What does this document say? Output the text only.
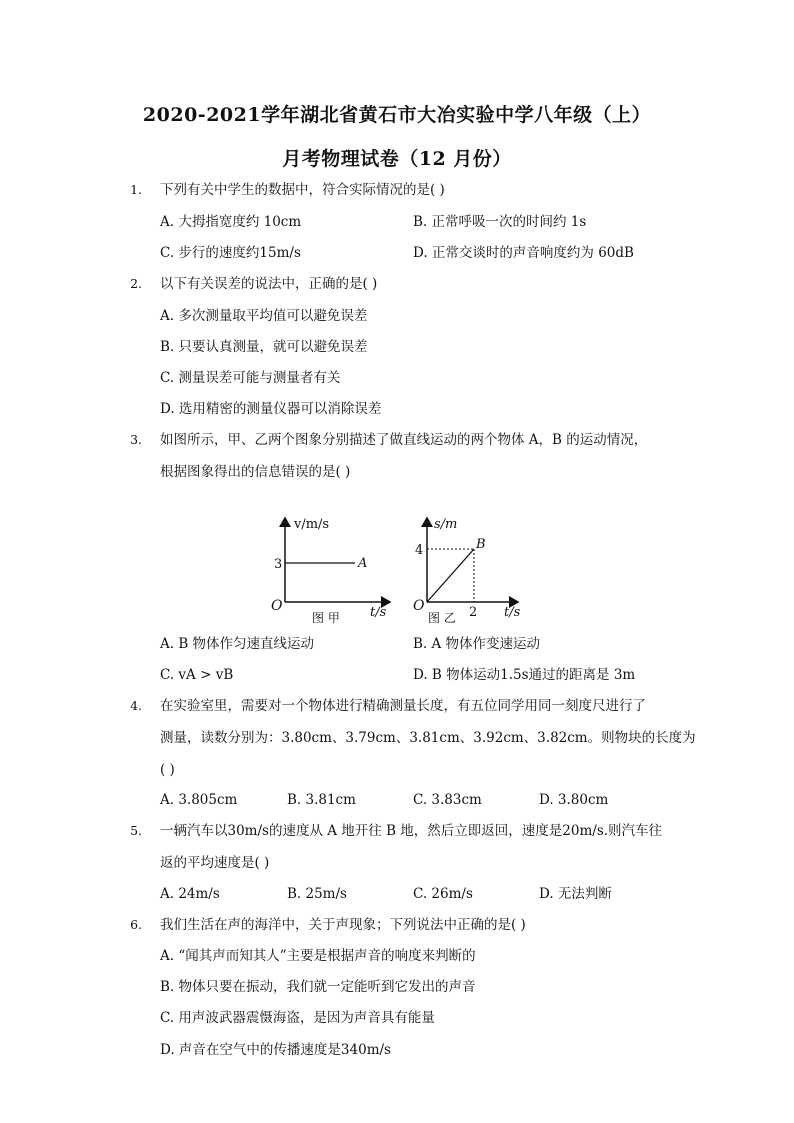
2020-2021学年湖北省黄石市大冶实验中学八年级（上）
月考物理试卷（12 月份）
1. 下列有关中学生的数据中，符合实际情况的是( )
A. 大拇指宽度约 10cm	B. 正常呼吸一次的时间约 1s
C. 步行的速度约15m/s	D. 正常交谈时的声音响度约为 60dB
2. 以下有关误差的说法中，正确的是( )
A. 多次测量取平均值可以避免误差
B. 只要认真测量，就可以避免误差
C. 测量误差可能与测量者有关
D. 选用精密的测量仪器可以消除误差
3. 如图所示，甲、乙两个图象分别描述了做直线运动的两个物体 A，B 的运动情况，
根据图象得出的信息错误的是( )
v/m/s
3	A
O	t/s
图 甲
s/m
4	B
O	2 t/s
图 乙
A. B 物体作匀速直线运动	B. A 物体作变速运动
C. vA > vB	D. B 物体运动1.5s通过的距离是 3m
4. 在实验室里，需要对一个物体进行精确测量长度，有五位同学用同一刻度尺进行了
测量，读数分别为：3.80cm、3.79cm、3.81cm、3.92cm、3.82cm。则物块的长度为
( )
A. 3.805cm	B. 3.81cm	C. 3.83cm	D. 3.80cm
5. 一辆汽车以30m/s的速度从 A 地开往 B 地，然后立即返回，速度是20m/s.则汽车往
返的平均速度是( )
A. 24m/s	B. 25m/s	C. 26m/s	D. 无法判断
6. 我们生活在声的海洋中，关于声现象；下列说法中正确的是( )
A. “闻其声而知其人”主要是根据声音的响度来判断的
B. 物体只要在振动，我们就一定能听到它发出的声音
C. 用声波武器震慑海盗，是因为声音具有能量
D. 声音在空气中的传播速度是340m/s
